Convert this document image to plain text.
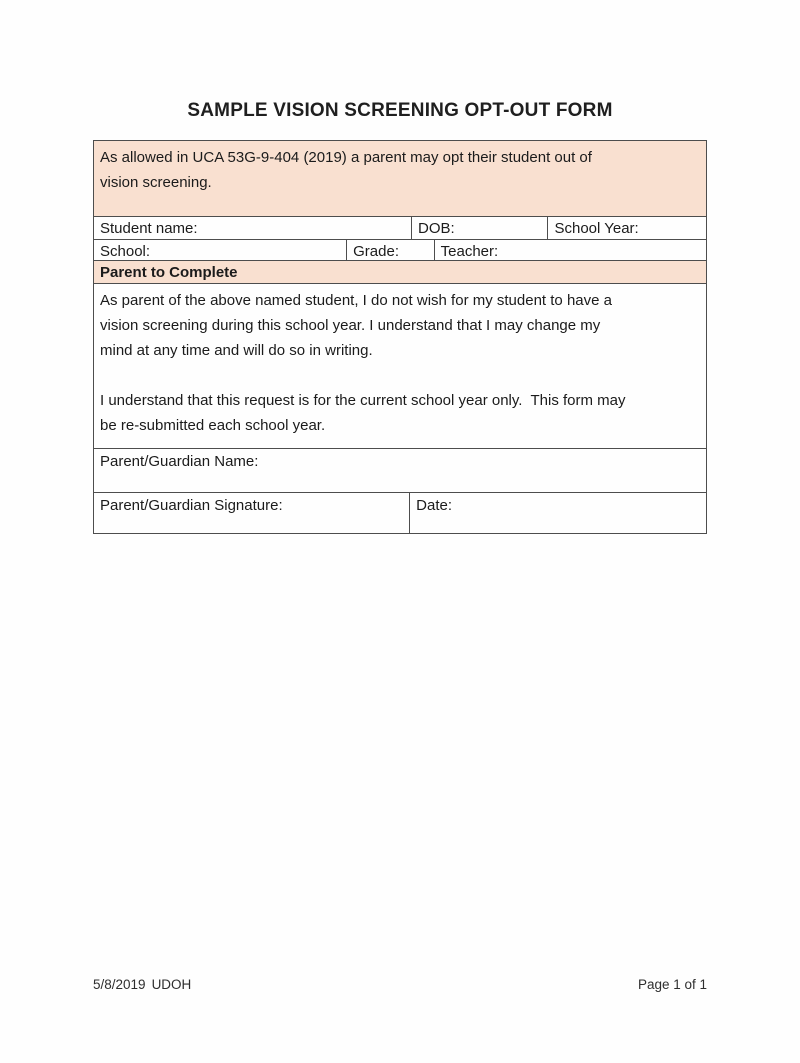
SAMPLE VISION SCREENING OPT-OUT FORM
As allowed in UCA 53G-9-404 (2019) a parent may opt their student out of
vision screening.
Student name:	DOB:	School Year:
School:	Grade:	Teacher:
Parent to Complete
As parent of the above named student, I do not wish for my student to have a
vision screening during this school year. I understand that I may change my
mind at any time and will do so in writing.
I understand that this request is for the current school year only.  This form may
be re-submitted each school year.
Parent/Guardian Name:
Parent/Guardian Signature:	Date:
5/8/2019 UDOH	Page 1 of 1
